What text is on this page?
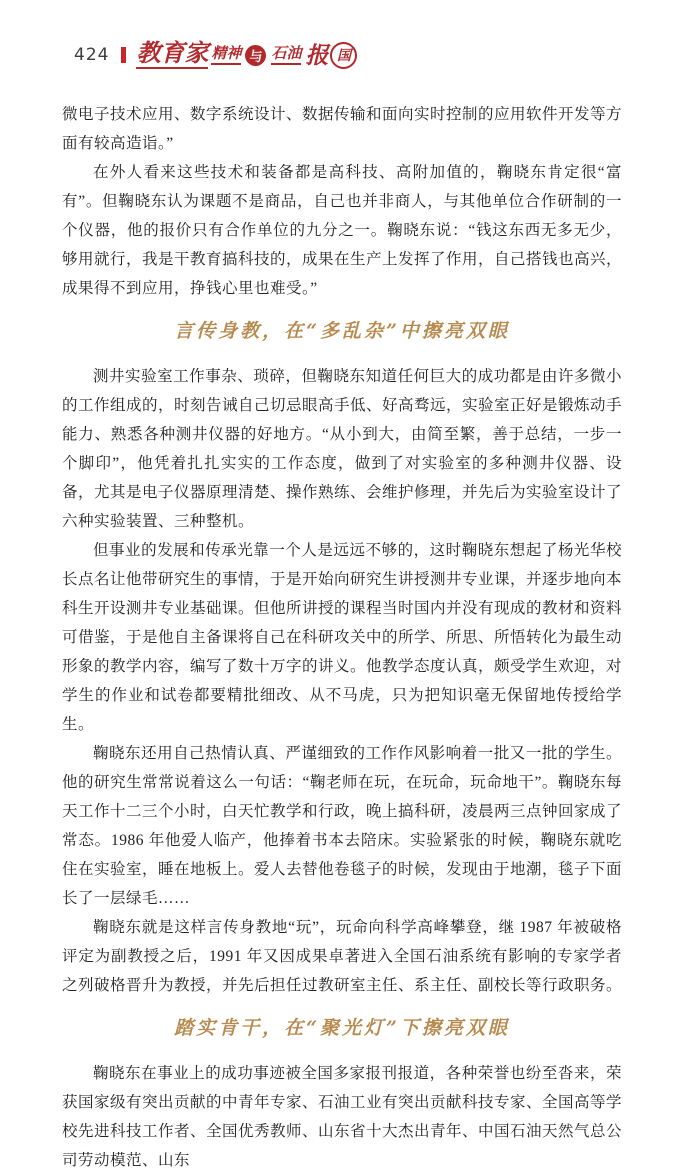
424 教育家 精神 与 石油 报 国

微电子技术应用、数字系统设计、数据传输和面向实时控制的应用软件开发等方面有较高造诣。”

在外人看来这些技术和装备都是高科技、高附加值的，鞠晓东肯定很“富有”。但鞠晓东认为课题不是商品，自己也并非商人，与其他单位合作研制的一个仪器，他的报价只有合作单位的九分之一。鞠晓东说：“钱这东西无多无少，够用就行，我是干教育搞科技的，成果在生产上发挥了作用，自己搭钱也高兴，成果得不到应用，挣钱心里也难受。”

言传身教，在“多乱杂”中擦亮双眼

测井实验室工作事杂、琐碎，但鞠晓东知道任何巨大的成功都是由许多微小的工作组成的，时刻告诫自己切忌眼高手低、好高骛远，实验室正好是锻炼动手能力、熟悉各种测井仪器的好地方。“从小到大，由简至繁，善于总结，一步一个脚印”，他凭着扎扎实实的工作态度，做到了对实验室的多种测井仪器、设备，尤其是电子仪器原理清楚、操作熟练、会维护修理，并先后为实验室设计了六种实验装置、三种整机。

但事业的发展和传承光靠一个人是远远不够的，这时鞠晓东想起了杨光华校长点名让他带研究生的事情，于是开始向研究生讲授测井专业课，并逐步地向本科生开设测井专业基础课。但他所讲授的课程当时国内并没有现成的教材和资料可借鉴，于是他自主备课将自己在科研攻关中的所学、所思、所悟转化为最生动形象的教学内容，编写了数十万字的讲义。他教学态度认真，颇受学生欢迎，对学生的作业和试卷都要精批细改、从不马虎，只为把知识毫无保留地传授给学生。

鞠晓东还用自己热情认真、严谨细致的工作作风影响着一批又一批的学生。他的研究生常常说着这么一句话：“鞠老师在玩，在玩命，玩命地干”。鞠晓东每天工作十二三个小时，白天忙教学和行政，晚上搞科研，凌晨两三点钟回家成了常态。1986 年他爱人临产，他捧着书本去陪床。实验紧张的时候，鞠晓东就吃住在实验室，睡在地板上。爱人去替他卷毯子的时候，发现由于地潮，毯子下面长了一层绿毛……

鞠晓东就是这样言传身教地“玩”，玩命向科学高峰攀登，继 1987 年被破格评定为副教授之后，1991 年又因成果卓著进入全国石油系统有影响的专家学者之列破格晋升为教授，并先后担任过教研室主任、系主任、副校长等行政职务。

踏实肯干，在“聚光灯”下擦亮双眼

鞠晓东在事业上的成功事迹被全国多家报刊报道，各种荣誉也纷至沓来，荣获国家级有突出贡献的中青年专家、石油工业有突出贡献科技专家、全国高等学校先进科技工作者、全国优秀教师、山东省十大杰出青年、中国石油天然气总公司劳动模范、山东
